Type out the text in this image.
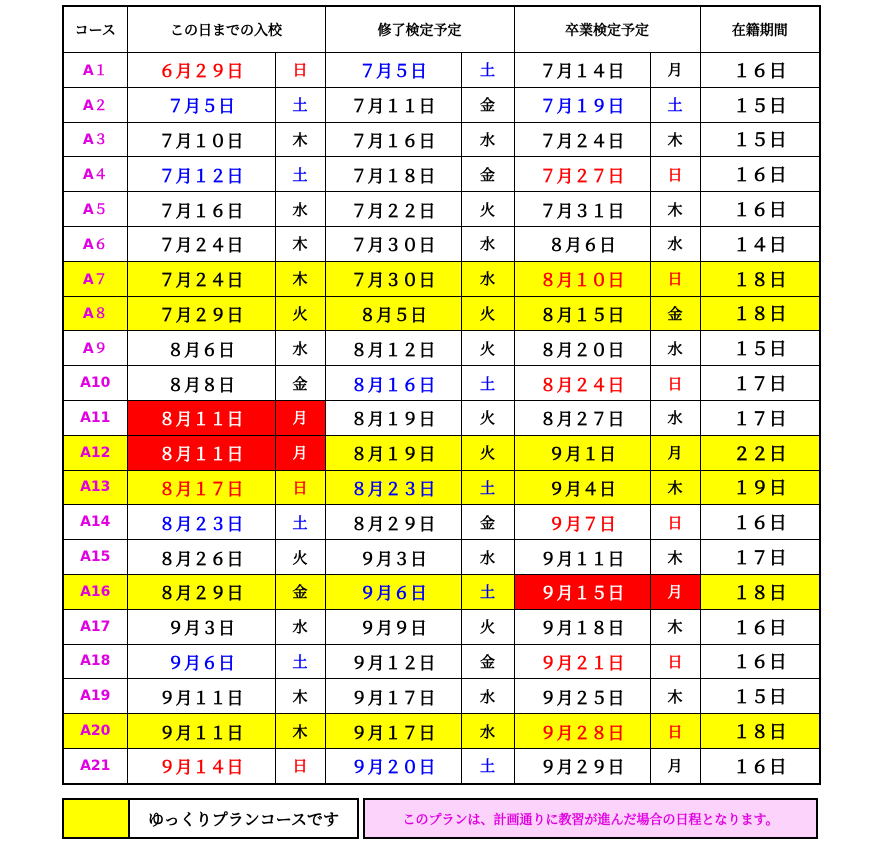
コース	この日までの入校		修了検定予定		卒業検定予定		在籍期間
A１	６月２９日	日	７月５日	土	７月１４日	月	１６日
A２	７月５日	土	７月１１日	金	７月１９日	土	１５日
A３	７月１０日	木	７月１６日	水	７月２４日	木	１５日
A４	７月１２日	土	７月１８日	金	７月２７日	日	１６日
A５	７月１６日	水	７月２２日	火	７月３１日	木	１６日
A６	７月２４日	木	７月３０日	水	８月６日	水	１４日
A７	７月２４日	木	７月３０日	水	８月１０日	日	１８日
A８	７月２９日	火	８月５日	火	８月１５日	金	１８日
A９	８月６日	水	８月１２日	火	８月２０日	水	１５日
A10	８月８日	金	８月１６日	土	８月２４日	日	１７日
A11	８月１１日	月	８月１９日	火	８月２７日	水	１７日
A12	８月１１日	月	８月１９日	火	９月１日	月	２２日
A13	８月１７日	日	８月２３日	土	９月４日	木	１９日
A14	８月２３日	土	８月２９日	金	９月７日	日	１６日
A15	８月２６日	火	９月３日	水	９月１１日	木	１７日
A16	８月２９日	金	９月６日	土	９月１５日	月	１８日
A17	９月３日	水	９月９日	火	９月１８日	木	１６日
A18	９月６日	土	９月１２日	金	９月２１日	日	１６日
A19	９月１１日	木	９月１７日	水	９月２５日	木	１５日
A20	９月１１日	木	９月１７日	水	９月２８日	日	１８日
A21	９月１４日	日	９月２０日	土	９月２９日	月	１６日
ゆっくりプランコースです	このプランは、計画通りに教習が進んだ場合の日程となります。
